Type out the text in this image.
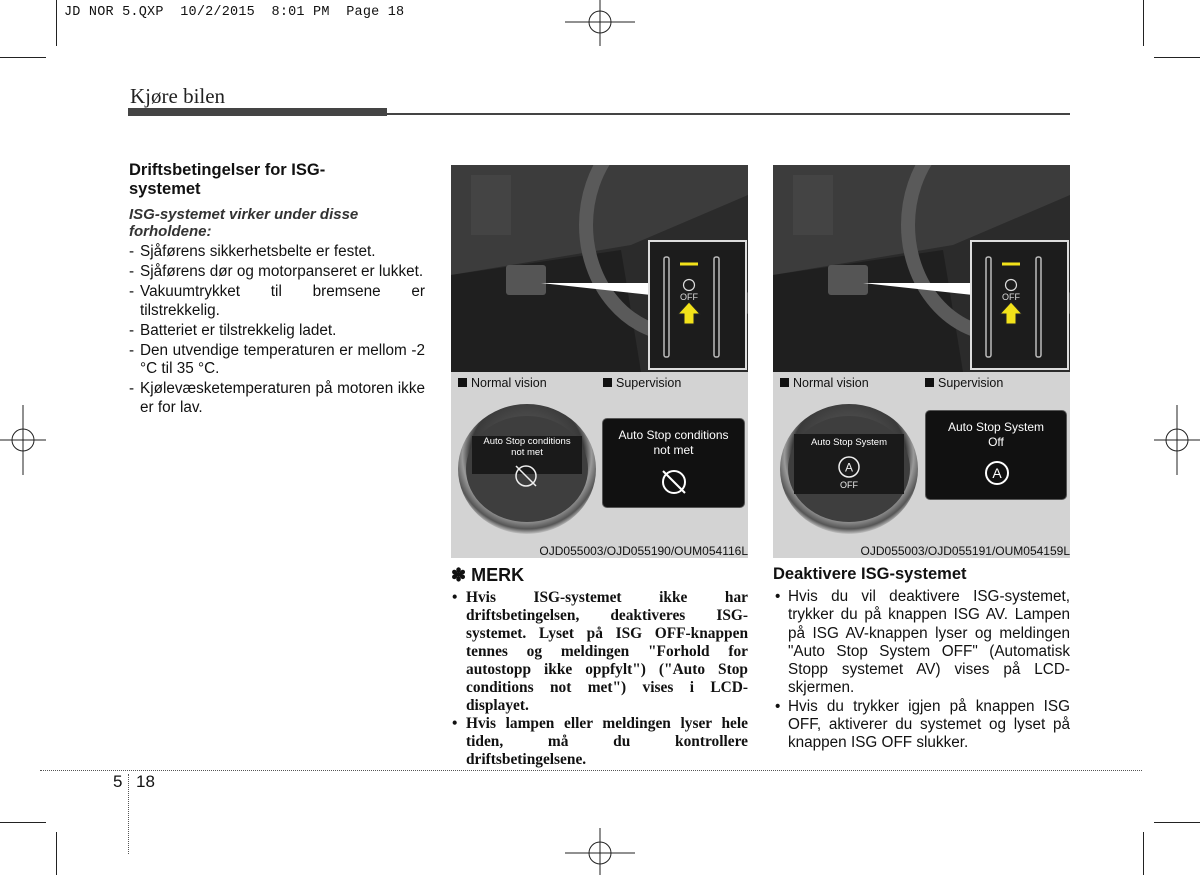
JD NOR 5.QXP  10/2/2015  8:01 PM  Page 18
Kjøre bilen
Driftsbetingelser for ISG-
systemet
ISG-systemet virker under disse forholdene:
- Sjåførens sikkerhetsbelte er festet.
- Sjåførens dør og motorpanseret er lukket.
- Vakuumtrykket til bremsene er tilstrekkelig.
- Batteriet er tilstrekkelig ladet.
- Den utvendige temperaturen er mellom -2 °C til 35 °C.
- Kjølevæsketemperaturen på motoren ikke er for lav.
OFF
Normal vision	Supervision
Auto Stop conditions
not met
Auto Stop conditions
not met
OJD055003/OJD055190/OUM054116L
OFF
Normal vision	Supervision
Auto Stop System
A
OFF
Auto Stop System
Off
A
OJD055003/OJD055191/OUM054159L
✽ MERK
• Hvis ISG-systemet ikke har driftsbetingelsen, deaktiveres ISG-systemet. Lyset på ISG OFF-knappen tennes og meldingen "Forhold for autostopp ikke oppfylt") ("Auto Stop conditions not met") vises i LCD-displayet.
• Hvis lampen eller meldingen lyser hele tiden, må du kontrollere driftsbetingelsene.
Deaktivere ISG-systemet
• Hvis du vil deaktivere ISG-systemet, trykker du på knappen ISG AV. Lampen på ISG AV-knappen lyser og meldingen "Auto Stop System OFF" (Automatisk Stopp systemet AV) vises på LCD-skjermen.
• Hvis du trykker igjen på knappen ISG OFF, aktiverer du systemet og lyset på knappen ISG OFF slukker.
5 18
